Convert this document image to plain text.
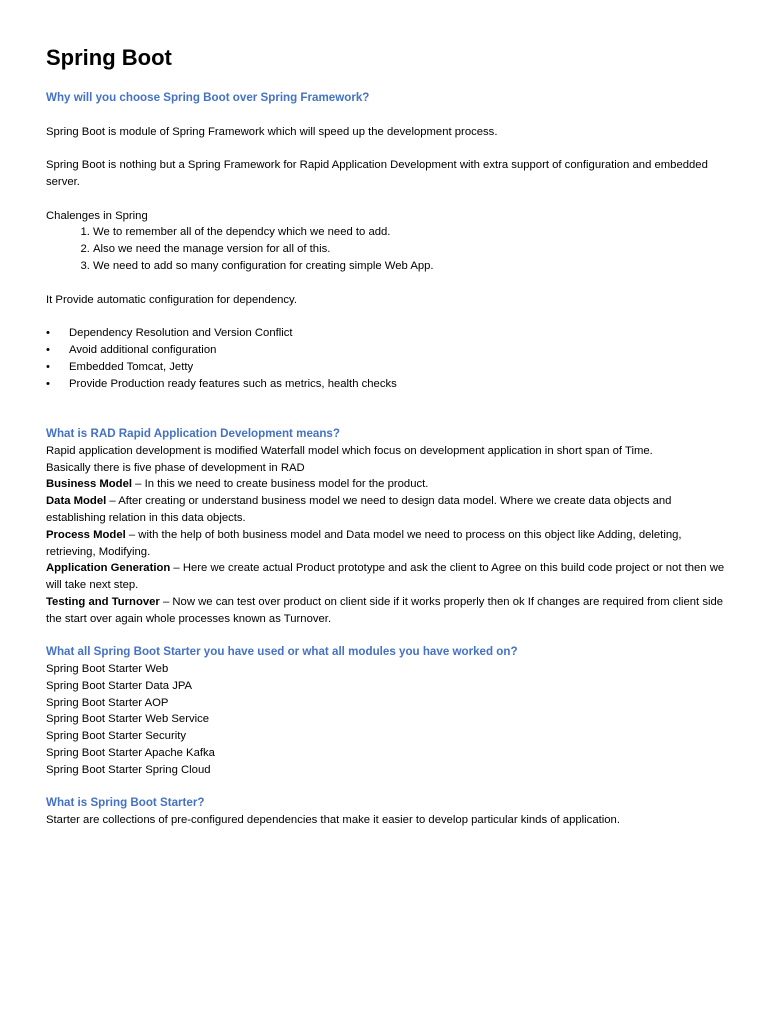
Spring Boot

Why will you choose Spring Boot over Spring Framework?

Spring Boot is module of Spring Framework which will speed up the development process.

Spring Boot is nothing but a Spring Framework for Rapid Application Development with extra support of configuration and embedded server.

Chalenges in Spring

1. We to remember all of the dependcy which we need to add.
2. Also we need the manage version for all of this.
3. We need to add so many configuration for creating simple Web App.

It Provide automatic configuration for dependency.

• Dependency Resolution and Version Conflict
• Avoid additional configuration
• Embedded Tomcat, Jetty
• Provide Production ready features such as metrics, health checks

What is RAD Rapid Application Development means?

Rapid application development is modified Waterfall model which focus on development application in short span of Time.

Basically there is five phase of development in RAD

Business Model – In this we need to create business model for the product.

Data Model – After creating or understand business model we need to design data model. Where we create data objects and establishing relation in this data objects.

Process Model – with the help of both business model and Data model we need to process on this object like Adding, deleting, retrieving, Modifying.

Application Generation – Here we create actual Product prototype and ask the client to Agree on this build code project or not then we will take next step.

Testing and Turnover – Now we can test over product on client side if it works properly then ok If changes are required from client side the start over again whole processes known as Turnover.

What all Spring Boot Starter you have used or what all modules you have worked on?

Spring Boot Starter Web

Spring Boot Starter Data JPA

Spring Boot Starter AOP

Spring Boot Starter Web Service

Spring Boot Starter Security

Spring Boot Starter Apache Kafka

Spring Boot Starter Spring Cloud

What is Spring Boot Starter?

Starter are collections of pre-configured dependencies that make it easier to develop particular kinds of application.
